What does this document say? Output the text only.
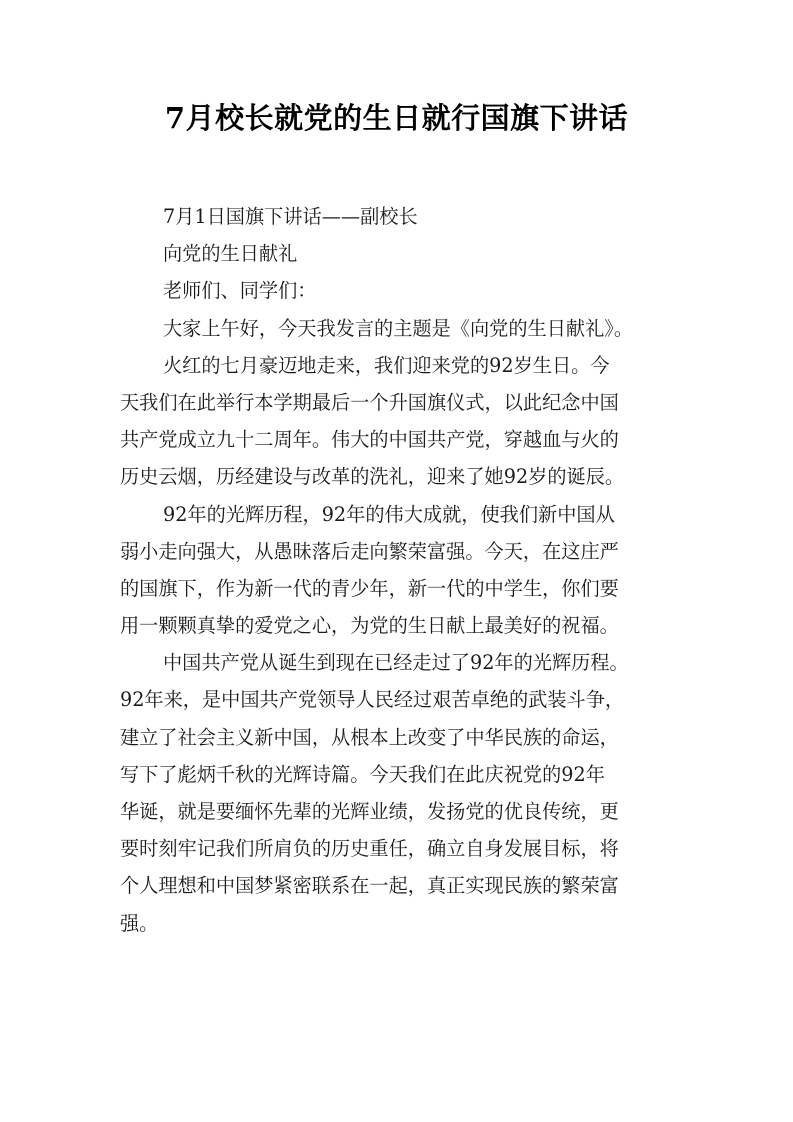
7月校长就党的生日就行国旗下讲话
7月1日国旗下讲话——副校长
向党的生日献礼
老师们、同学们：
大家上午好，今天我发言的主题是《向党的生日献礼》。
火红的七月豪迈地走来，我们迎来党的92岁生日。今
天我们在此举行本学期最后一个升国旗仪式，以此纪念中国
共产党成立九十二周年。伟大的中国共产党，穿越血与火的
历史云烟，历经建设与改革的洗礼，迎来了她92岁的诞辰。
92年的光辉历程，92年的伟大成就，使我们新中国从
弱小走向强大，从愚昧落后走向繁荣富强。今天，在这庄严
的国旗下，作为新一代的青少年，新一代的中学生，你们要
用一颗颗真挚的爱党之心，为党的生日献上最美好的祝福。
中国共产党从诞生到现在已经走过了92年的光辉历程。
92年来，是中国共产党领导人民经过艰苦卓绝的武装斗争，
建立了社会主义新中国，从根本上改变了中华民族的命运，
写下了彪炳千秋的光辉诗篇。今天我们在此庆祝党的92年
华诞，就是要缅怀先辈的光辉业绩，发扬党的优良传统，更
要时刻牢记我们所肩负的历史重任，确立自身发展目标，将
个人理想和中国梦紧密联系在一起，真正实现民族的繁荣富
强。
